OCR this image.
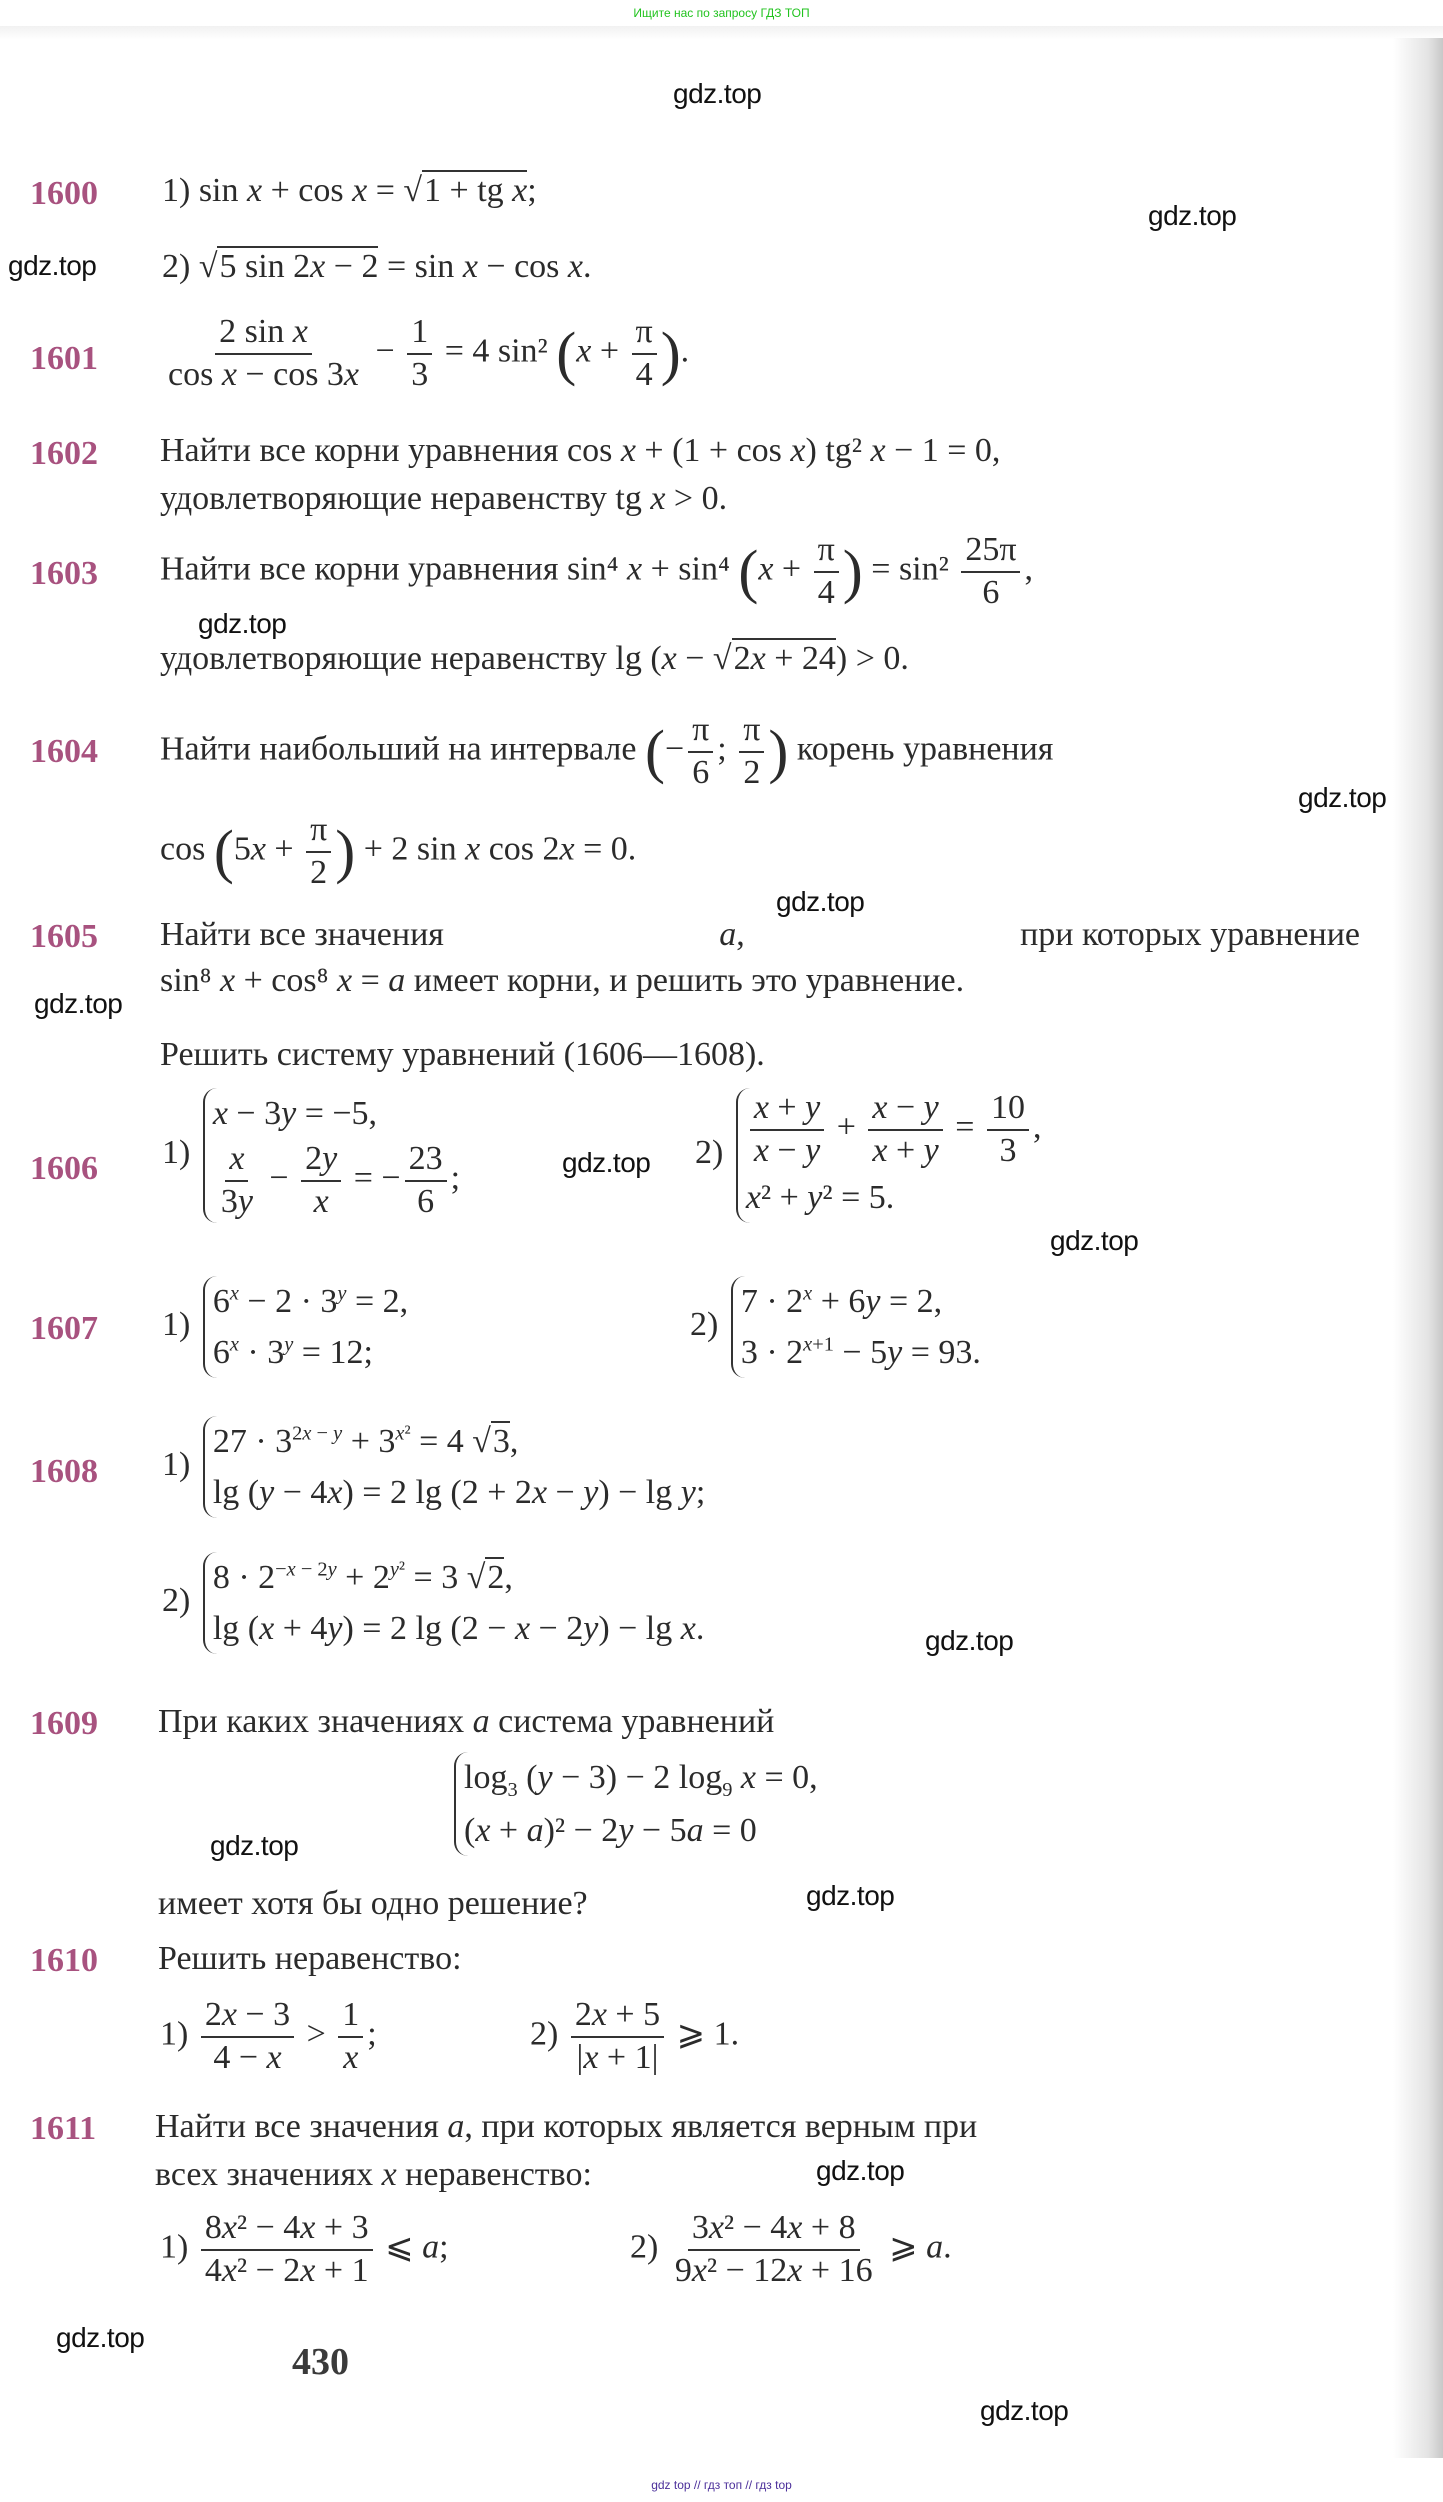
Ищите нас по запросу ГДЗ ТОП
gdz.top
gdz.top
gdz.top
gdz.top
gdz.top
gdz.top
gdz.top
gdz.top
gdz.top
gdz.top
gdz.top
gdz.top
gdz.top
gdz.top
gdz.top
1600 1) sin x + cos x = √1 + tg x;
2) √5 sin 2x − 2 = sin x − cos x.
$1601 \frac{\text{2 sin x}}{\text{cos x − cos 3x}} - \frac{1}{3} = 4$ sin² ($x + \frac{\pi}{4}$ ).
1602 Найти все корни уравнения cos x + (1 + cos x) tg² x − 1 = 0,
удовлетворяющие неравенству tg x > 0.
1603 Найти все корни уравнения sin⁴ x + sin⁴ ($x + \frac{\pi}{4}$ ) = $\sin^2 \frac{25\pi}{6}$ ,
удовлетворяющие неравенству lg (x − √2x + 24) > 0.
1604 Найти наибольший на интервале (− $\frac{\pi}{6}$ ; $\frac{\pi}{2}$ ) корень уравнения
$\cos (5x + \frac{\pi}{2}$ ) + 2 sin x cos 2x = 0.
1605 Найти все значения	a,	при которых уравнение
sin⁸ x + cos⁸ x = a имеет корни, и решить это уравнение.
Решить систему уравнений (1606—1608).
1606 1)
x − 3y = −5,
$\frac{x}{3y} - \frac{2y}{x}$ = − $\frac{23}{6}$ ;
$2) \frac{x + y}{x - y} + \frac{x - y}{x + y} = \frac{10}{3}$ ,
x² + y² = 5.
1607 1)
$6^x - 2 \cdot 3^y = 2$,
$6^x \cdot 3^y = 12$;
2)
$7 \cdot 2^x + 6y = 2$,
$3 \cdot 2^{x+1} - 5y = 93$.
1608 1)
$27 \cdot 3^{2x - y} + 3^{x^2} = 4$ √3,
lg (y − 4x) = 2 lg (2 + 2x − y) − lg y;
2)
$8 \cdot 2^{-x - 2y} + 2^{y^2} = 3$ √2,
lg (x + 4y) = 2 lg (2 − x − 2y) − lg x.
1609 При каких значениях a система уравнений
$\log_3 (y - 3) - 2$ $\log_9 x = 0$,
(x + a)² − 2y − 5a = 0
имеет хотя бы одно решение?
1610 Решить неравенство:
$1) \frac{2x - 3}{4 - x} > \frac{1}{x}$ ;	$2) \frac{2x + 5}{|x + 1|}$ ⩾ 1.
1611 Найти все значения a, при которых является верным при
всех значениях x неравенство:
$1) \frac{\text{8x² − 4x + 3}}{\text{4x² − 2x + 1}}$ ⩽ a;	$2) \frac{\text{3x² − 4x + 8}}{\text{9x² − 12x + 16}}$ ⩾ a.
430
gdz top // гдз топ // гдз top
